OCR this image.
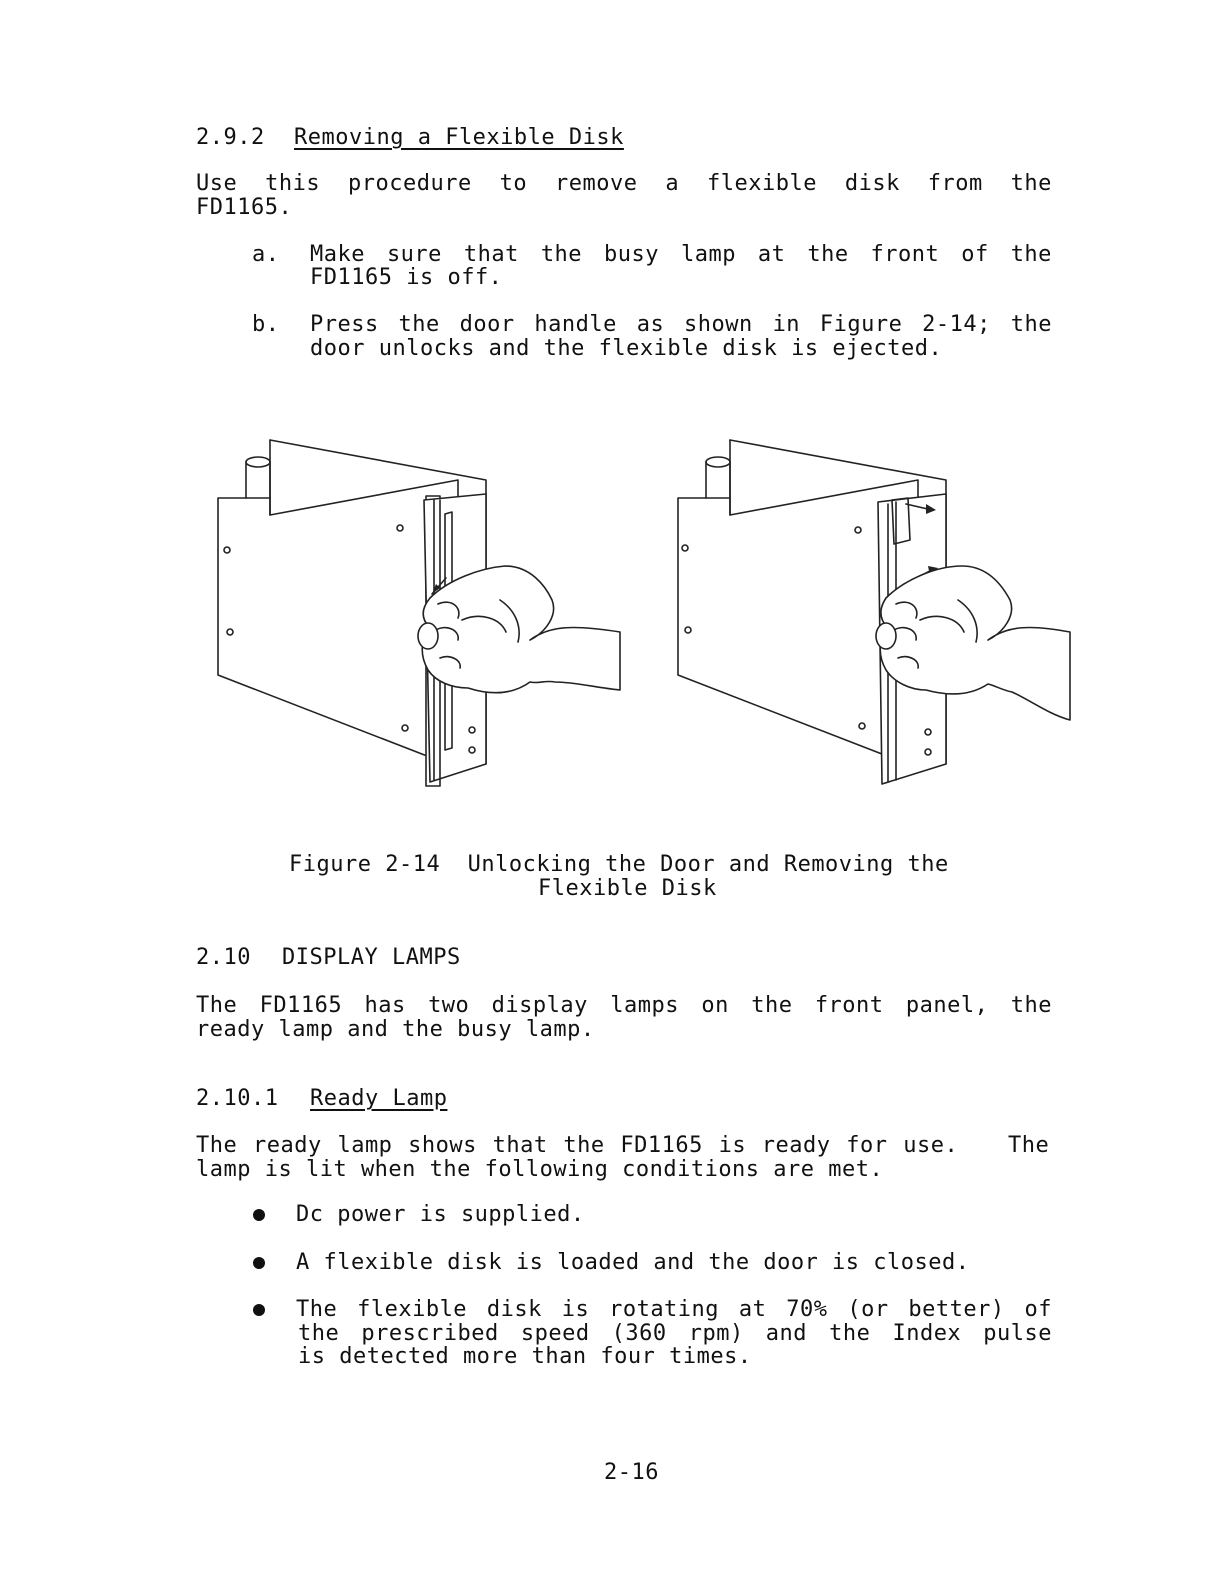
2.9.2 Removing a Flexible Disk
Use this procedure to remove a flexible disk from the
FD1165.
a. Make sure that the busy lamp at the front of the
FD1165 is off.
b. Press the door handle as shown in Figure 2-14; the
door unlocks and the flexible disk is ejected.
Figure 2-14  Unlocking the Door and Removing the
Flexible Disk
2.10 DISPLAY LAMPS
The FD1165 has two display lamps on the front panel, the
ready lamp and the busy lamp.
2.10.1 Ready Lamp
The ready lamp shows that the FD1165 is ready for use. The
lamp is lit when the following conditions are met.
Dc power is supplied.
A flexible disk is loaded and the door is closed.
The flexible disk is rotating at 70% (or better) of
the prescribed speed (360 rpm) and the Index pulse
is detected more than four times.
2-16
